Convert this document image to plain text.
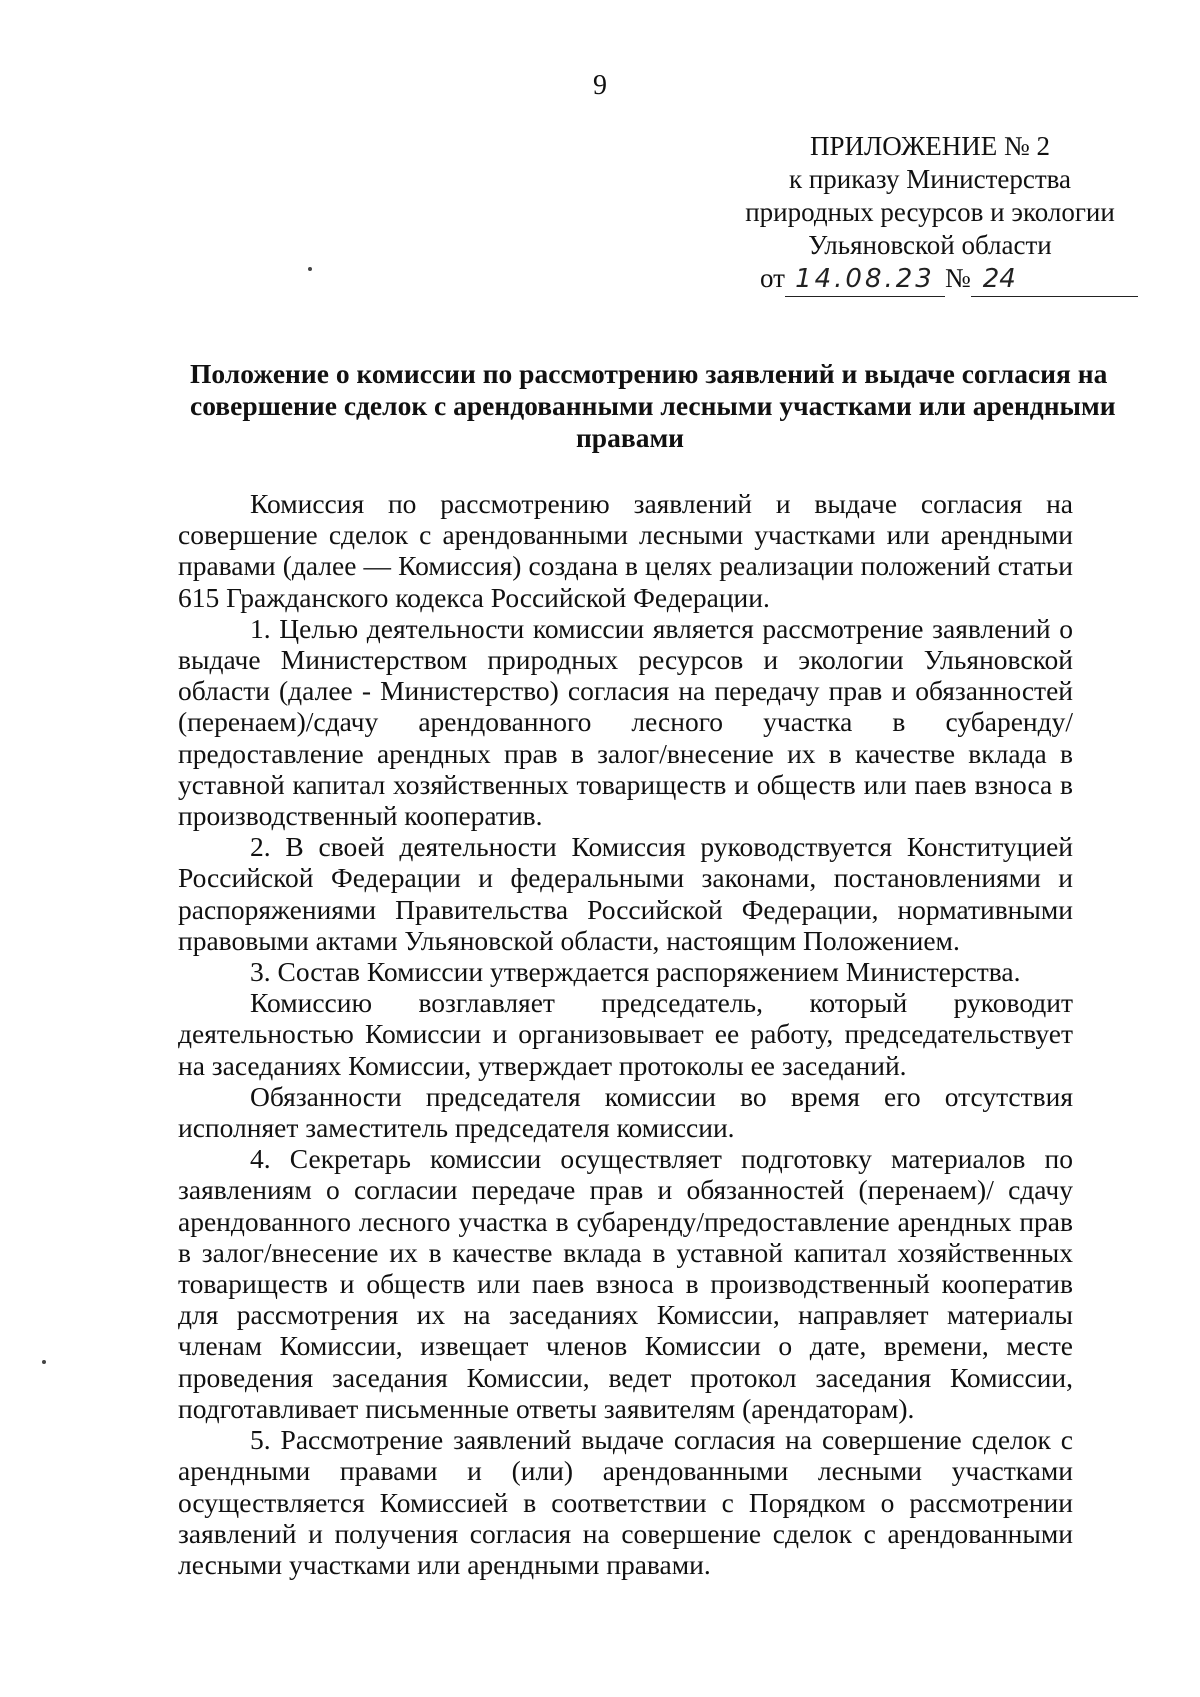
9
ПРИЛОЖЕНИЕ № 2
к приказу Министерства
природных ресурсов и экологии
Ульяновской области
от 14.08.23 № 24
Положение о комиссии по рассмотрению заявлений и выдаче согласия на
совершение сделок с арендованными лесными участками или арендными
правами

Комиссия по рассмотрению заявлений и выдаче согласия на совершение сделок с арендованными лесными участками или арендными правами (далее — Комиссия) создана в целях реализации положений статьи 615 Гражданского кодекса Российской Федерации.

1. Целью деятельности комиссии является рассмотрение заявлений о выдаче Министерством природных ресурсов и экологии Ульяновской области (далее - Министерство) согласия на передачу прав и обязанностей (перенаем)/сдачу арендованного лесного участка в субаренду/предоставление арендных прав в залог/внесение их в качестве вклада в уставной капитал хозяйственных товариществ и обществ или паев взноса в производственный кооператив.

2. В своей деятельности Комиссия руководствуется Конституцией Российской Федерации и федеральными законами, постановлениями и распоряжениями Правительства Российской Федерации, нормативными правовыми актами Ульяновской области, настоящим Положением.

3. Состав Комиссии утверждается распоряжением Министерства.

Комиссию возглавляет председатель, который руководит деятельностью Комиссии и организовывает ее работу, председательствует на заседаниях Комиссии, утверждает протоколы ее заседаний.

Обязанности председателя комиссии во время его отсутствия исполняет заместитель председателя комиссии.

4. Секретарь комиссии осуществляет подготовку материалов по заявлениям о согласии передаче прав и обязанностей (перенаем)/ сдачу арендованного лесного участка в субаренду/предоставление арендных прав в залог/внесение их в качестве вклада в уставной капитал хозяйственных товариществ и обществ или паев взноса в производственный кооператив для рассмотрения их на заседаниях Комиссии, направляет материалы членам Комиссии, извещает членов Комиссии о дате, времени, месте проведения заседания Комиссии, ведет протокол заседания Комиссии, подготавливает письменные ответы заявителям (арендаторам).

5. Рассмотрение заявлений выдаче согласия на совершение сделок с арендными правами и (или) арендованными лесными участками осуществляется Комиссией в соответствии с Порядком о рассмотрении заявлений и получения согласия на совершение сделок с арендованными лесными участками или арендными правами.
